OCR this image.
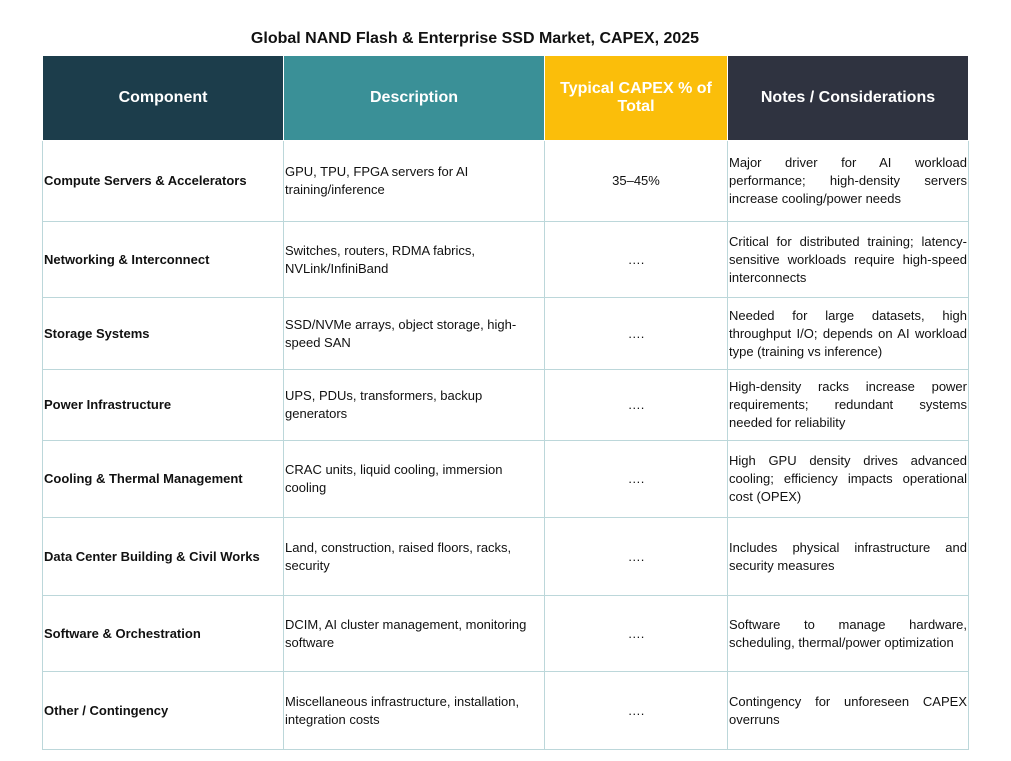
Global NAND Flash & Enterprise SSD Market, CAPEX, 2025
Component	Description	Typical CAPEX % of Total	Notes / Considerations
Compute Servers & Accelerators	GPU, TPU, FPGA servers for AI training/inference	35–45%	Major driver for AI workload performance; high-density servers increase cooling/power needs
Networking & Interconnect	Switches, routers, RDMA fabrics, NVLink/InfiniBand	….	Critical for distributed training; latency-sensitive workloads require high-speed interconnects
Storage Systems	SSD/NVMe arrays, object storage, high-speed SAN	….	Needed for large datasets, high throughput I/O; depends on AI workload type (training vs inference)
Power Infrastructure	UPS, PDUs, transformers, backup generators	….	High-density racks increase power requirements; redundant systems needed for reliability
Cooling & Thermal Management	CRAC units, liquid cooling, immersion cooling	….	High GPU density drives advanced cooling; efficiency impacts operational cost (OPEX)
Data Center Building & Civil Works	Land, construction, raised floors, racks, security	….	Includes physical infrastructure and security measures
Software & Orchestration	DCIM, AI cluster management, monitoring software	….	Software to manage hardware, scheduling, thermal/power optimization
Other / Contingency	Miscellaneous infrastructure, installation, integration costs	….	Contingency for unforeseen CAPEX overruns
